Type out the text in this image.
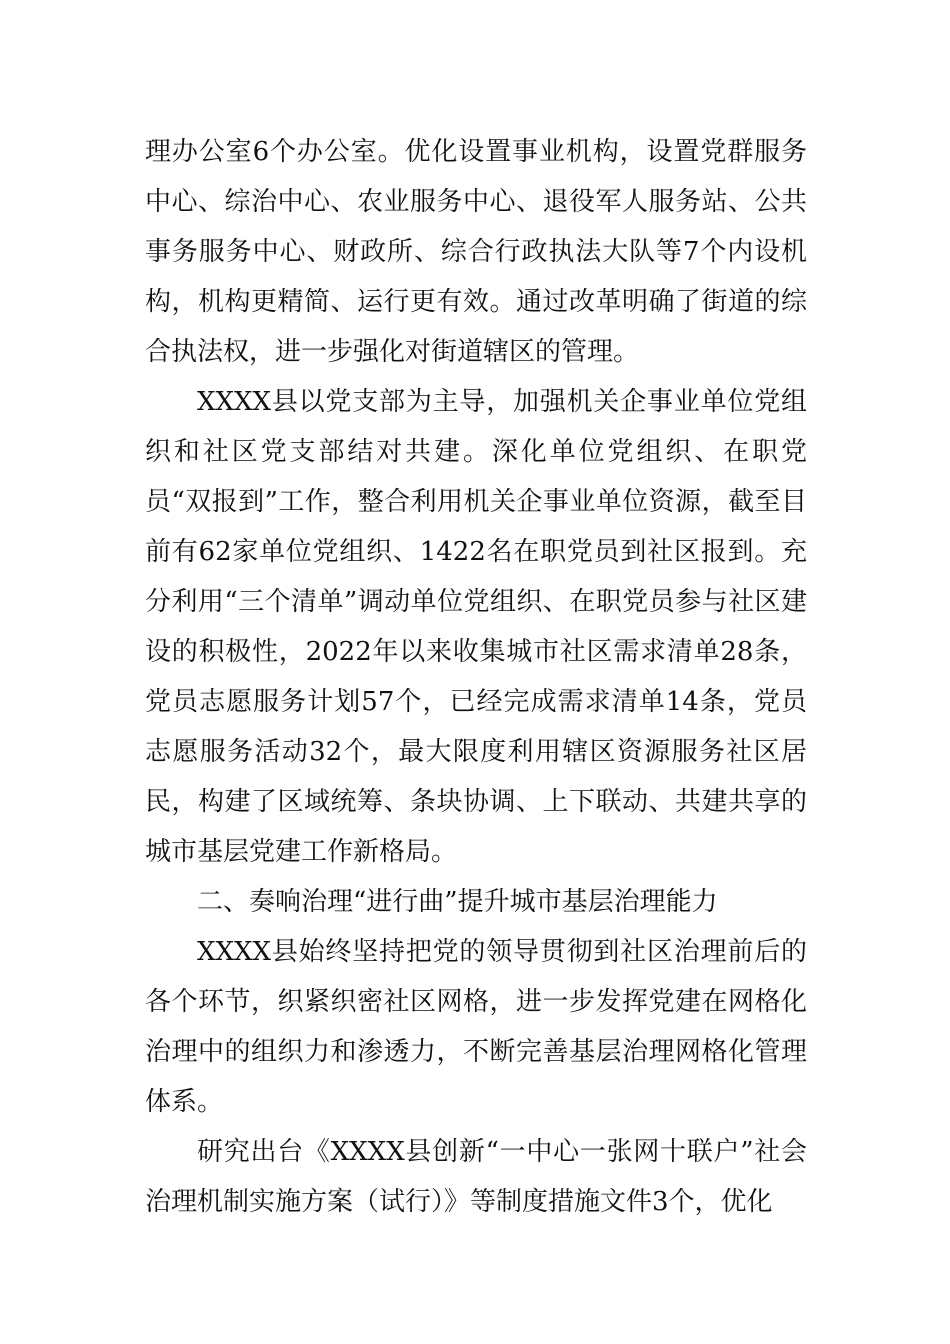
理办公室6个办公室。优化设置事业机构，设置党群服务中心、综治中心、农业服务中心、退役军人服务站、公共事务服务中心、财政所、综合行政执法大队等7个内设机构，机构更精简、运行更有效。通过改革明确了街道的综合执法权，进一步强化对街道辖区的管理。

XXXX县以党支部为主导，加强机关企事业单位党组织和社区党支部结对共建。深化单位党组织、在职党员“双报到”工作，整合利用机关企事业单位资源，截至目前有62家单位党组织、1422名在职党员到社区报到。充分利用“三个清单”调动单位党组织、在职党员参与社区建设的积极性，2022年以来收集城市社区需求清单28条，党员志愿服务计划57个，已经完成需求清单14条，党员志愿服务活动32个，最大限度利用辖区资源服务社区居民，构建了区域统筹、条块协调、上下联动、共建共享的城市基层党建工作新格局。

二、奏响治理“进行曲”提升城市基层治理能力

XXXX县始终坚持把党的领导贯彻到社区治理前后的各个环节，织紧织密社区网格，进一步发挥党建在网格化治理中的组织力和渗透力，不断完善基层治理网格化管理体系。

研究出台《XXXX县创新“一中心一张网十联户”社会治理机制实施方案（试行）》等制度措施文件3个，优化
